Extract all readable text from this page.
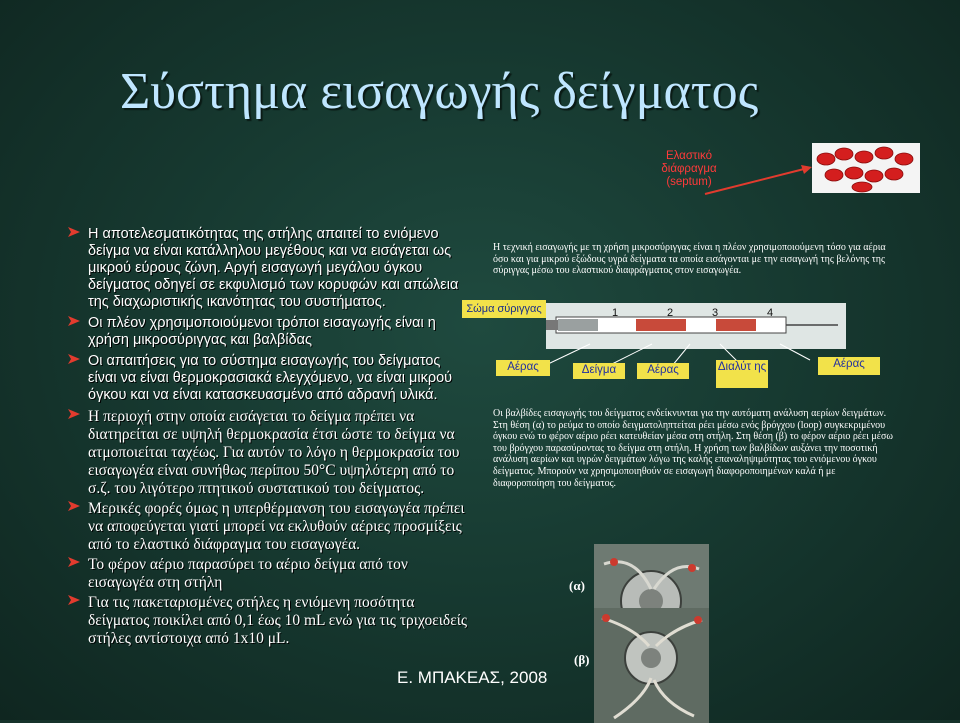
Σύστημα εισαγωγής δείγματος
Η αποτελεσματικότητας της στήλης απαιτεί το ενιόμενο δείγμα να είναι κατάλληλου μεγέθους και να εισάγεται ως μικρού εύρους ζώνη. Αργή εισαγωγή μεγάλου όγκου δείγματος οδηγεί σε εκφυλισμό των κορυφών και απώλεια της διαχωριστικής ικανότητας του συστήματος.
Οι πλέον χρησιμοποιούμενοι τρόποι εισαγωγής είναι η χρήση μικροσύριγγας και βαλβίδας
Οι απαιτήσεις για το σύστημα εισαγωγής του δείγματος είναι να είναι θερμοκρασιακά ελεγχόμενο, να είναι μικρού όγκου και να είναι κατασκευασμένο από αδρανή υλικά.
Η περιοχή στην οποία εισάγεται το δείγμα πρέπει να διατηρείται σε υψηλή θερμοκρασία έτσι ώστε το δείγμα να ατμοποιείται ταχέως. Για αυτόν το λόγο η θερμοκρασία του εισαγωγέα είναι συνήθως περίπου 50°C υψηλότερη από το σ.ζ. του λιγότερο πτητικού συστατικού του δείγματος.
Μερικές φορές όμως η υπερθέρμανση του εισαγωγέα πρέπει να αποφεύγεται γιατί μπορεί να εκλυθούν αέριες προσμίξεις από το ελαστικό διάφραγμα του εισαγωγέα.
Το φέρον αέριο παρασύρει το αέριο δείγμα από τον εισαγωγέα στη στήλη
Για τις πακεταρισμένες στήλες η ενιόμενη ποσότητα δείγματος ποικίλει από 0,1 έως 10 mL ενώ για τις τριχοειδείς στήλες αντίστοιχα από 1x10 μL.
Ελαστικό διάφραγμα (septum)
Η τεχνική εισαγωγής με τη χρήση μικροσύριγγας είναι η πλέον χρησιμοποιούμενη τόσο για αέρια όσο και για μικρού εξώδους υγρά δείγματα τα οποία εισάγονται με την εισαγωγή της βελόνης της σύριγγας μέσω του ελαστικού διαφράγματος στον εισαγωγέα.
Σώμα σύριγγας	1	2	3	4
Αέρας	Δείγμα	Αέρας	Διαλύτ ης	Αέρας
Οι βαλβίδες εισαγωγής του δείγματος ενδείκνυνται για την αυτόματη ανάλυση αερίων δειγμάτων. Στη θέση (α) το ρεύμα το οποίο δειγματοληπτείται ρέει μέσω ενός βρόγχου (loop) συγκεκριμένου όγκου ενώ το φέρον αέριο ρέει κατευθείαν μέσα στη στήλη. Στη θέση (β) το φέρον αέριο ρέει μέσω του βρόγχου παρασύροντας το δείγμα στη στήλη. Η χρήση των βαλβίδων αυξάνει την ποσοτική ανάλυση αερίων και υγρών δειγμάτων λόγω της καλής επαναληψιμότητας του ενιόμενου όγκου δείγματος. Μπορούν να χρησιμοποιηθούν σε εισαγωγή διαφοροποιημένων καλά ή με διαφοροποίηση του δείγματος.
(α)
(β)
Ε. ΜΠΑΚΕΑΣ, 2008
